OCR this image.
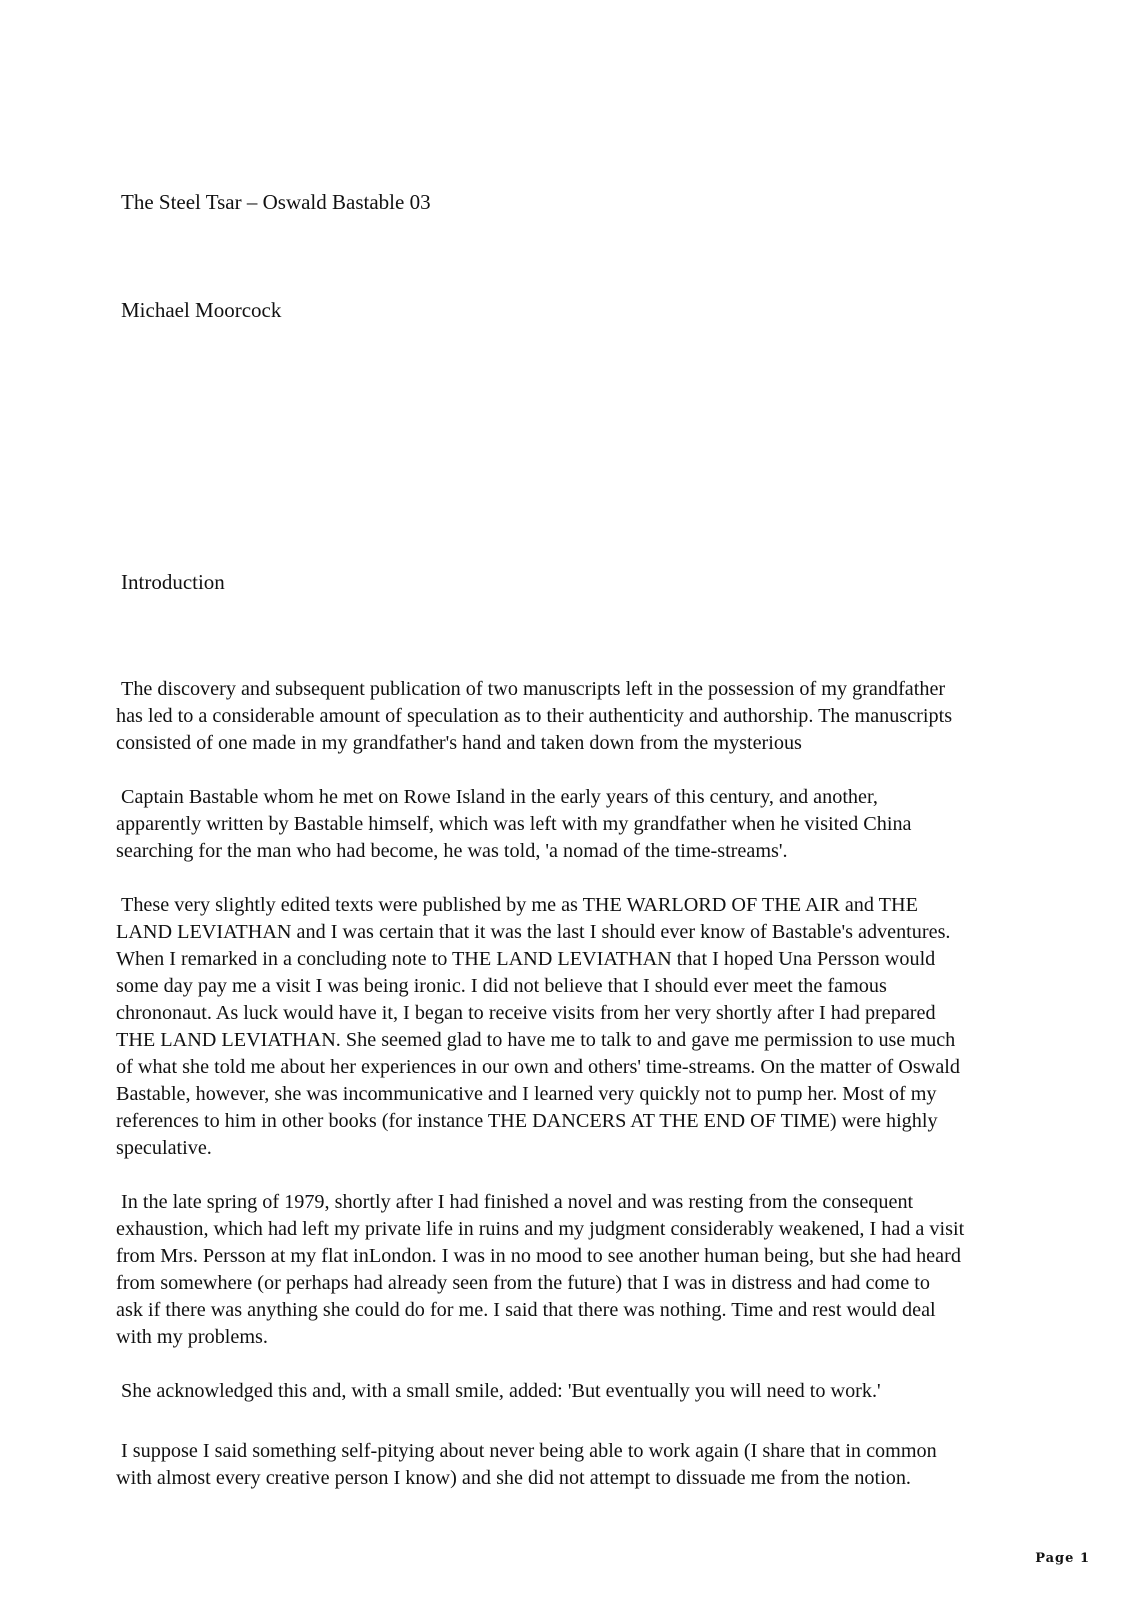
The Steel Tsar – Oswald Bastable 03
Michael Moorcock
Introduction
The discovery and subsequent publication of two manuscripts left in the possession of my grandfather
has led to a considerable amount of speculation as to their authenticity and authorship. The manuscripts
consisted of one made in my grandfather's hand and taken down from the mysterious
Captain Bastable whom he met on Rowe Island in the early years of this century, and another,
apparently written by Bastable himself, which was left with my grandfather when he visited China
searching for the man who had become, he was told, 'a nomad of the time-streams'.
These very slightly edited texts were published by me as THE WARLORD OF THE AIR and THE
LAND LEVIATHAN and I was certain that it was the last I should ever know of Bastable's adventures.
When I remarked in a concluding note to THE LAND LEVIATHAN that I hoped Una Persson would
some day pay me a visit I was being ironic. I did not believe that I should ever meet the famous
chrononaut. As luck would have it, I began to receive visits from her very shortly after I had prepared
THE LAND LEVIATHAN. She seemed glad to have me to talk to and gave me permission to use much
of what she told me about her experiences in our own and others' time-streams. On the matter of Oswald
Bastable, however, she was incommunicative and I learned very quickly not to pump her. Most of my
references to him in other books (for instance THE DANCERS AT THE END OF TIME) were highly
speculative.
In the late spring of 1979, shortly after I had finished a novel and was resting from the consequent
exhaustion, which had left my private life in ruins and my judgment considerably weakened, I had a visit
from Mrs. Persson at my flat inLondon. I was in no mood to see another human being, but she had heard
from somewhere (or perhaps had already seen from the future) that I was in distress and had come to
ask if there was anything she could do for me. I said that there was nothing. Time and rest would deal
with my problems.
She acknowledged this and, with a small smile, added: 'But eventually you will need to work.'
I suppose I said something self-pitying about never being able to work again (I share that in common
with almost every creative person I know) and she did not attempt to dissuade me from the notion.
Page 1
